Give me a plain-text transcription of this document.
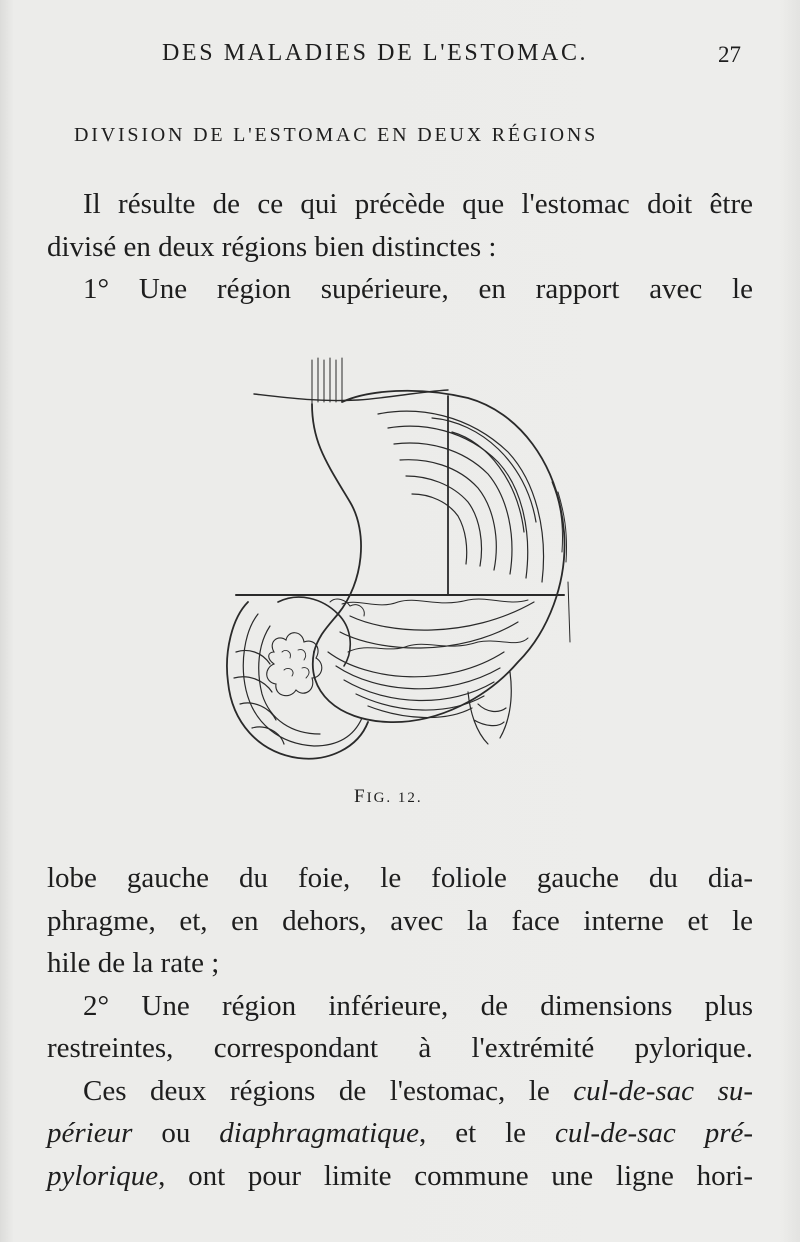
DES MALADIES DE L'ESTOMAC.	27
DIVISION DE L'ESTOMAC EN DEUX RÉGIONS
Il résulte de ce qui précède que l'estomac doit être
divisé en deux régions bien distinctes :
1° Une région supérieure, en rapport avec le
FIG. 12.
lobe gauche du foie, le foliole gauche du dia-
phragme, et, en dehors, avec la face interne et le
hile de la rate ;
2° Une région inférieure, de dimensions plus
restreintes, correspondant à l'extrémité pylorique.
Ces deux régions de l'estomac, le cul-de-sac su-
périeur ou diaphragmatique, et le cul-de-sac pré-
pylorique, ont pour limite commune une ligne hori-
